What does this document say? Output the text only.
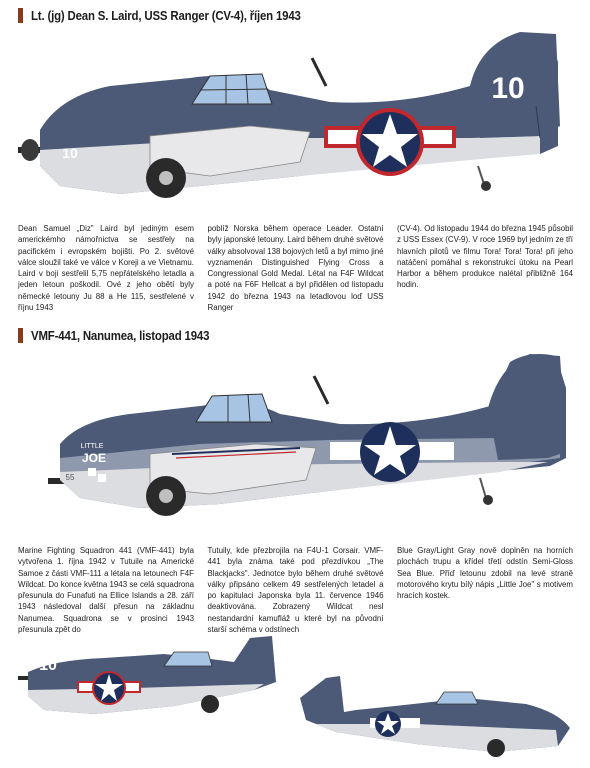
Lt. (jg) Dean S. Laird, USS Ranger (CV-4), říjen 1943
10
10
Dean Samuel „Diz" Laird byl jediným esem americkémho námořnictva se sestřely na pacifickém i evropském bojišti. Po 2. světové válce sloužil také ve válce v Koreji a ve Vietnamu. Laird v boji sestřelil 5,75 nepřátelského letadla a jeden letoun poškodil. Ové z jeho obětí byly německé letouny Ju 88 a He 115, sestřelené v říjnu 1943
poblíž Norska během operace Leader. Ostatní byly japonské letouny. Laird během druhé světové války absolvoval 138 bojových letů a byl mimo jiné vyznamenán Distinguished Flying Cross a Congressional Gold Medal. Létal na F4F Wildcat a poté na F6F Hellcat a byl přidělen od listopadu 1942 do března 1943 na letadlovou loď USS Ranger
(CV-4). Od listopadu 1944 do března 1945 působil z USS Essex (CV-9). V roce 1969 byl jedním ze tří hlavních pilotů ve filmu Tora! Tora! Tora! při jeho natáčení pomáhal s rekonstrukcí útoku na Pearl Harbor a během produkce nalétal přibližně 164 hodin.
VMF-441, Nanumea, listopad 1943
LITTLE
JOE
55
Marine Fighting Squadron 441 (VMF-441) byla vytvořena 1. října 1942 v Tutuile na Americké Samoe z části VMF-111 a létala na letounech F4F Wildcat. Do konce května 1943 se celá squadrona přesunula do Funafuti na Ellice Islands a 28. září 1943 následoval další přesun na základnu Nanumea. Squadrona se v prosinci 1943 přesunula zpět do
Tutuily, kde přezbrojila na F4U-1 Corsair. VMF-441 byla známa také pod přezdívkou „The Blackjacks". Jednotce bylo během druhé světové války připsáno celkem 49 sestřelených letadel a po kapitulaci Japonska byla 11. července 1946 deaktivována. Zobrazený Wildcat nesl nestandardní kamufláž u které byl na původní starší schéma v odstínech
Blue Gray/Light Gray nově doplněn na horních plochách trupu a křídel třetí odstín Semi-Gloss Sea Blue. Příď letounu zdobil na levé straně motorového krytu bílý nápis „Little Joe" s motivem hracích kostek.
10
10
